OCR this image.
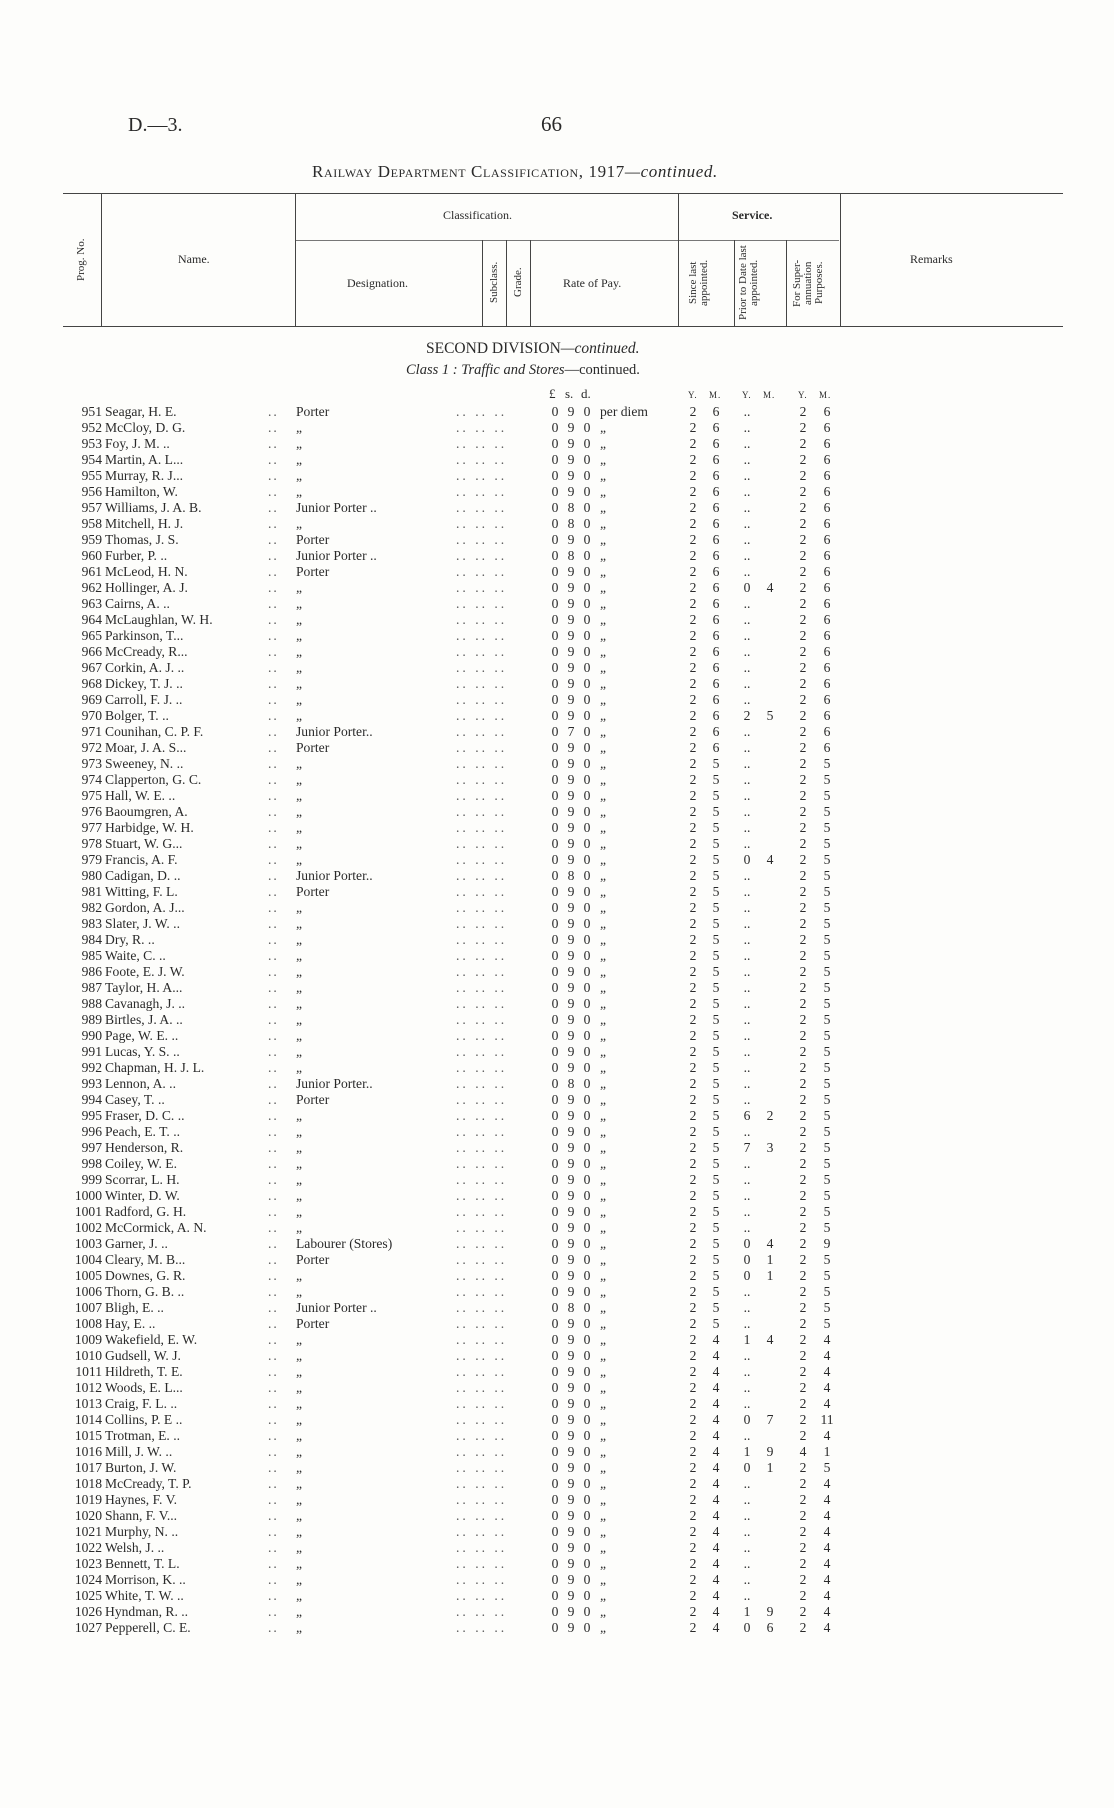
D.—3.	66
Railway Department Classification, 1917—continued.
Prog. No.	Name.
Classification.
Designation.	Subclass. Grade.	Rate of Pay.
Service.
Since last appointed.	Prior to Date last appointed.	For Super-annuation Purposes.
Remarks
SECOND DIVISION—continued.
Class 1 : Traffic and Stores—continued.
£ s. d.	Y. M. Y. M.	Y. M.
..	.. .. ..
951 Seagar, H. E.	Porter	0 9 0 per diem	2	6	..	2	6
..	.. .. ..
952 McCloy, D. G.	„	0 9 0 „	2	6	..	2	6
..	.. .. ..
953 Foy, J. M. ..	„	0 9 0 „	2	6	..	2	6
..	.. .. ..
954 Martin, A. L...	„	0 9 0 „	2	6	..	2	6
..	.. .. ..
955 Murray, R. J...	„	0 9 0 „	2	6	..	2	6
..	.. .. ..
956 Hamilton, W.	„	0 9 0 „	2	6	..	2	6
..	.. .. ..
957 Williams, J. A. B.	Junior Porter ..	0 8 0 „	2	6	..	2	6
..	.. .. ..
958 Mitchell, H. J.	„	0 8 0 „	2	6	..	2	6
..	.. .. ..
959 Thomas, J. S.	Porter	0 9 0 „	2	6	..	2	6
..	.. .. ..
960 Furber, P. ..	Junior Porter ..	0 8 0 „	2	6	..	2	6
..	.. .. ..
961 McLeod, H. N.	Porter	0 9 0 „	2	6	..	2	6
..	.. .. ..
962 Hollinger, A. J.	„	0 9 0 „	2	6	0	4	2	6
..	.. .. ..
963 Cairns, A. ..	„	0 9 0 „	2	6	..	2	6
..	.. .. ..
964 McLaughlan, W. H.	„	0 9 0 „	2	6	..	2	6
..	.. .. ..
965 Parkinson, T...	„	0 9 0 „	2	6	..	2	6
..	.. .. ..
966 McCready, R...	„	0 9 0 „	2	6	..	2	6
..	.. .. ..
967 Corkin, A. J. ..	„	0 9 0 „	2	6	..	2	6
..	.. .. ..
968 Dickey, T. J. ..	„	0 9 0 „	2	6	..	2	6
..	.. .. ..
969 Carroll, F. J. ..	„	0 9 0 „	2	6	..	2	6
..	.. .. ..
970 Bolger, T. ..	„	0 9 0 „	2	6	2	5	2	6
..	.. .. ..
971 Counihan, C. P. F.	Junior Porter..	0 7 0 „	2	6	..	2	6
..	.. .. ..
972 Moar, J. A. S...	Porter	0 9 0 „	2	6	..	2	6
..	.. .. ..
973 Sweeney, N. ..	„	0 9 0 „	2	5	..	2	5
..	.. .. ..
974 Clapperton, G. C.	„	0 9 0 „	2	5	..	2	5
..	.. .. ..
975 Hall, W. E. ..	„	0 9 0 „	2	5	..	2	5
..	.. .. ..
976 Baoumgren, A.	„	0 9 0 „	2	5	..	2	5
..	.. .. ..
977 Harbidge, W. H.	„	0 9 0 „	2	5	..	2	5
..	.. .. ..
978 Stuart, W. G...	„	0 9 0 „	2	5	..	2	5
..	.. .. ..
979 Francis, A. F.	„	0 9 0 „	2	5	0	4	2	5
..	.. .. ..
980 Cadigan, D. ..	Junior Porter..	0 8 0 „	2	5	..	2	5
..	.. .. ..
981 Witting, F. L.	Porter	0 9 0 „	2	5	..	2	5
..	.. .. ..
982 Gordon, A. J...	„	0 9 0 „	2	5	..	2	5
..	.. .. ..
983 Slater, J. W. ..	„	0 9 0 „	2	5	..	2	5
..	.. .. ..
984 Dry, R. ..	„	0 9 0 „	2	5	..	2	5
..	.. .. ..
985 Waite, C. ..	„	0 9 0 „	2	5	..	2	5
..	.. .. ..
986 Foote, E. J. W.	„	0 9 0 „	2	5	..	2	5
..	.. .. ..
987 Taylor, H. A...	„	0 9 0 „	2	5	..	2	5
..	.. .. ..
988 Cavanagh, J. ..	„	0 9 0 „	2	5	..	2	5
..	.. .. ..
989 Birtles, J. A. ..	„	0 9 0 „	2	5	..	2	5
..	.. .. ..
990 Page, W. E. ..	„	0 9 0 „	2	5	..	2	5
..	.. .. ..
991 Lucas, Y. S. ..	„	0 9 0 „	2	5	..	2	5
..	.. .. ..
992 Chapman, H. J. L.	„	0 9 0 „	2	5	..	2	5
..	.. .. ..
993 Lennon, A. ..	Junior Porter..	0 8 0 „	2	5	..	2	5
..	.. .. ..
994 Casey, T. ..	Porter	0 9 0 „	2	5	..	2	5
..	.. .. ..
995 Fraser, D. C. ..	„	0 9 0 „	2	5	6	2	2	5
..	.. .. ..
996 Peach, E. T. ..	„	0 9 0 „	2	5	..	2	5
..	.. .. ..
997 Henderson, R.	„	0 9 0 „	2	5	7	3	2	5
..	.. .. ..
998 Coiley, W. E.	„	0 9 0 „	2	5	..	2	5
..	.. .. ..
999 Scorrar, L. H.	„	0 9 0 „	2	5	..	2	5
..	.. .. ..
1000 Winter, D. W.	„	0 9 0 „	2	5	..	2	5
..	.. .. ..
1001 Radford, G. H.	„	0 9 0 „	2	5	..	2	5
..	.. .. ..
1002 McCormick, A. N.	„	0 9 0 „	2	5	..	2	5
..	.. .. ..
1003 Garner, J. ..	Labourer (Stores)	0 9 0 „	2	5	0	4	2	9
..	.. .. ..
1004 Cleary, M. B...	Porter	0 9 0 „	2	5	0	1	2	5
..	.. .. ..
1005 Downes, G. R.	„	0 9 0 „	2	5	0	1	2	5
..	.. .. ..
1006 Thorn, G. B. ..	„	0 9 0 „	2	5	..	2	5
..	.. .. ..
1007 Bligh, E. ..	Junior Porter ..	0 8 0 „	2	5	..	2	5
..	.. .. ..
1008 Hay, E. ..	Porter	0 9 0 „	2	5	..	2	5
..	.. .. ..
1009 Wakefield, E. W.	„	0 9 0 „	2	4	1	4	2	4
..	.. .. ..
1010 Gudsell, W. J.	„	0 9 0 „	2	4	..	2	4
..	.. .. ..
1011 Hildreth, T. E.	„	0 9 0 „	2	4	..	2	4
..	.. .. ..
1012 Woods, E. L...	„	0 9 0 „	2	4	..	2	4
..	.. .. ..
1013 Craig, F. L. ..	„	0 9 0 „	2	4	..	2	4
..	.. .. ..
1014 Collins, P. E ..	„	0 9 0 „	2	4	0	7	2 11
..	.. .. ..
1015 Trotman, E. ..	„	0 9 0 „	2	4	..	2	4
..	.. .. ..
1016 Mill, J. W. ..	„	0 9 0 „	2	4	1	9	4	1
..	.. .. ..
1017 Burton, J. W.	„	0 9 0 „	2	4	0	1	2	5
..	.. .. ..
1018 McCready, T. P.	„	0 9 0 „	2	4	..	2	4
..	.. .. ..
1019 Haynes, F. V.	„	0 9 0 „	2	4	..	2	4
..	.. .. ..
1020 Shann, F. V...	„	0 9 0 „	2	4	..	2	4
..	.. .. ..
1021 Murphy, N. ..	„	0 9 0 „	2	4	..	2	4
..	.. .. ..
1022 Welsh, J. ..	„	0 9 0 „	2	4	..	2	4
..	.. .. ..
1023 Bennett, T. L.	„	0 9 0 „	2	4	..	2	4
..	.. .. ..
1024 Morrison, K. ..	„	0 9 0 „	2	4	..	2	4
..	.. .. ..
1025 White, T. W. ..	„	0 9 0 „	2	4	..	2	4
..	.. .. ..
1026 Hyndman, R. ..	„	0 9 0 „	2	4	1	9	2	4
..	.. .. ..
1027 Pepperell, C. E.	„	0 9 0 „	2	4	0	6	2	4
